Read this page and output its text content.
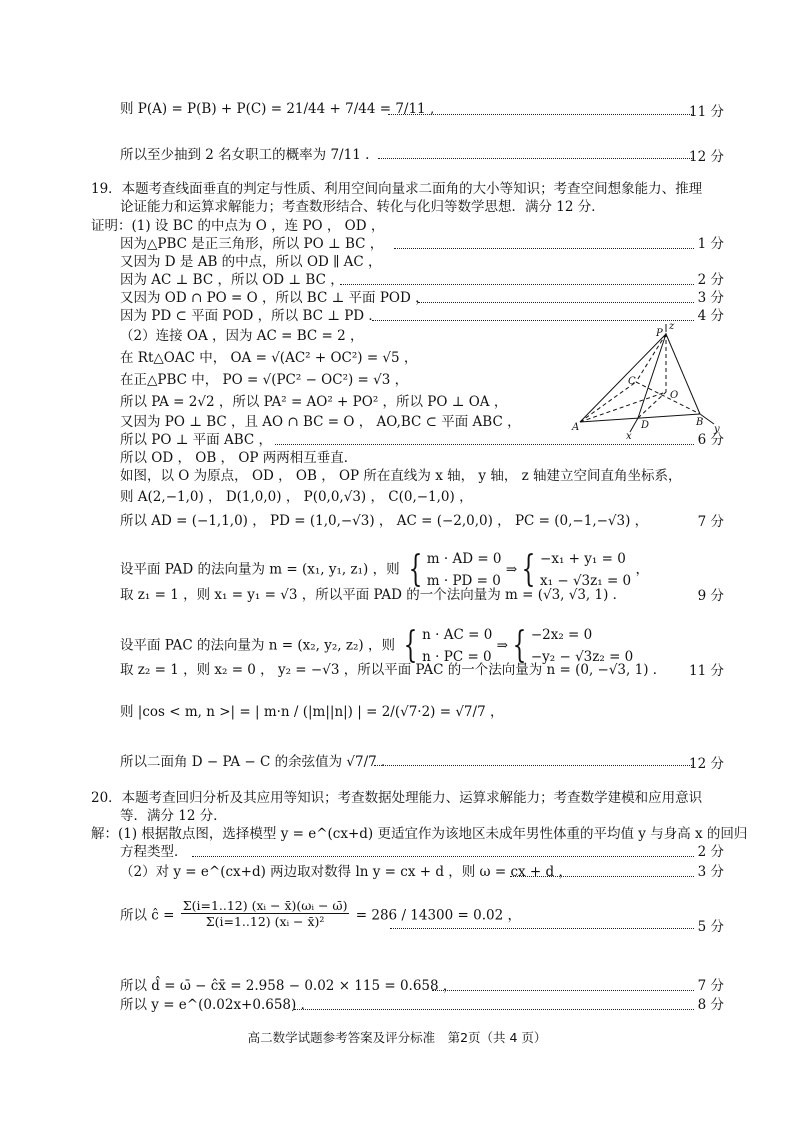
则 P(A) = P(B) + P(C) = 21/44 + 7/44 = 7/11 ,	11 分
所以至少抽到 2 名女职工的概率为 7/11 .	12 分
19．本题考查线面垂直的判定与性质、利用空间向量求二面角的大小等知识；考查空间想象能力、推理
论证能力和运算求解能力；考查数形结合、转化与化归等数学思想．满分 12 分．
证明：(1) 设 BC 的中点为 O ，连 PO ， OD ，
因为△PBC 是正三角形，所以 PO ⊥ BC ，	1 分
又因为 D 是 AB 的中点，所以 OD ∥ AC ，
因为 AC ⊥ BC ，所以 OD ⊥ BC ，	2 分
又因为 OD ∩ PO = O ，所以 BC ⊥ 平面 POD ，	3 分
因为 PD ⊂ 平面 POD ，所以 BC ⊥ PD ．	4 分
（2）连接 OA ，因为 AC = BC = 2 ，
在 Rt△OAC 中， OA = √(AC² + OC²) = √5 ，
在正△PBC 中， PO = √(PC² − OC²) = √3 ，
所以 PA = 2√2 ，所以 PA² = AO² + PO² ，所以 PO ⊥ OA ，
又因为 PO ⊥ BC ，且 AO ∩ BC = O ， AO,BC ⊂ 平面 ABC ，
所以 PO ⊥ 平面 ABC ，	6 分
P
z
C
O
A	D	B
x
y
所以 OD ， OB ， OP 两两相互垂直．
如图，以 O 为原点， OD ， OB ， OP 所在直线为 x 轴， y 轴， z 轴建立空间直角坐标系，
则 A(2,−1,0) ， D(1,0,0) ， P(0,0,√3) ， C(0,−1,0) ，
所以 AD = (−1,1,0) ， PD = (1,0,−√3) ， AC = (−2,0,0) ， PC = (0,−1,−√3) ，	7 分
设平面 PAD 的法向量为 m = (x₁, y₁, z₁) ，则 { m · AD = 0
m · PD = 0
⇒ { −x₁ + y₁ = 0
x₁ − √3z₁ = 0
，
取 z₁ = 1 ，则 x₁ = y₁ = √3 ，所以平面 PAD 的一个法向量为 m = (√3, √3, 1) ．	9 分
设平面 PAC 的法向量为 n = (x₂, y₂, z₂) ，则 { n · AC = 0
n · PC = 0
⇒ { −2x₂ = 0
−y₂ − √3z₂ = 0
取 z₂ = 1 ，则 x₂ = 0 ， y₂ = −√3 ，所以平面 PAC 的一个法向量为 n = (0, −√3, 1) ． 11 分
则 |cos < m, n >| = | m·n / (|m||n|) | = 2/(√7·2) = √7/7 ，
所以二面角 D − PA − C 的余弦值为 √7/7 ．	12 分
20．本题考查回归分析及其应用等知识；考查数据处理能力、运算求解能力；考查数学建模和应用意识
等．满分 12 分．
解：(1) 根据散点图，选择模型 y = e^(cx+d) 更适宜作为该地区未成年男性体重的平均值 y 与身高 x 的回归
方程类型．	2 分
（2）对 y = e^(cx+d) 两边取对数得 ln y = cx + d ，则 ω = cx + d ，	3 分
所以 ĉ = $\frac{\text{Σ(i=1..12) (xᵢ − x̄)(ωᵢ − ω̄)}}{\text{Σ(i=1..12) (xᵢ − x̄)²}} = 286 / 14300 = 0.02$ ，
5 分
所以 d̂ = ω̄ − ĉx̄ = 2.958 − 0.02 × 115 = 0.658 ，	7 分
所以 y = e^(0.02x+0.658) ．	8 分
高二数学试题参考答案及评分标准　第2页（共 4 页）
